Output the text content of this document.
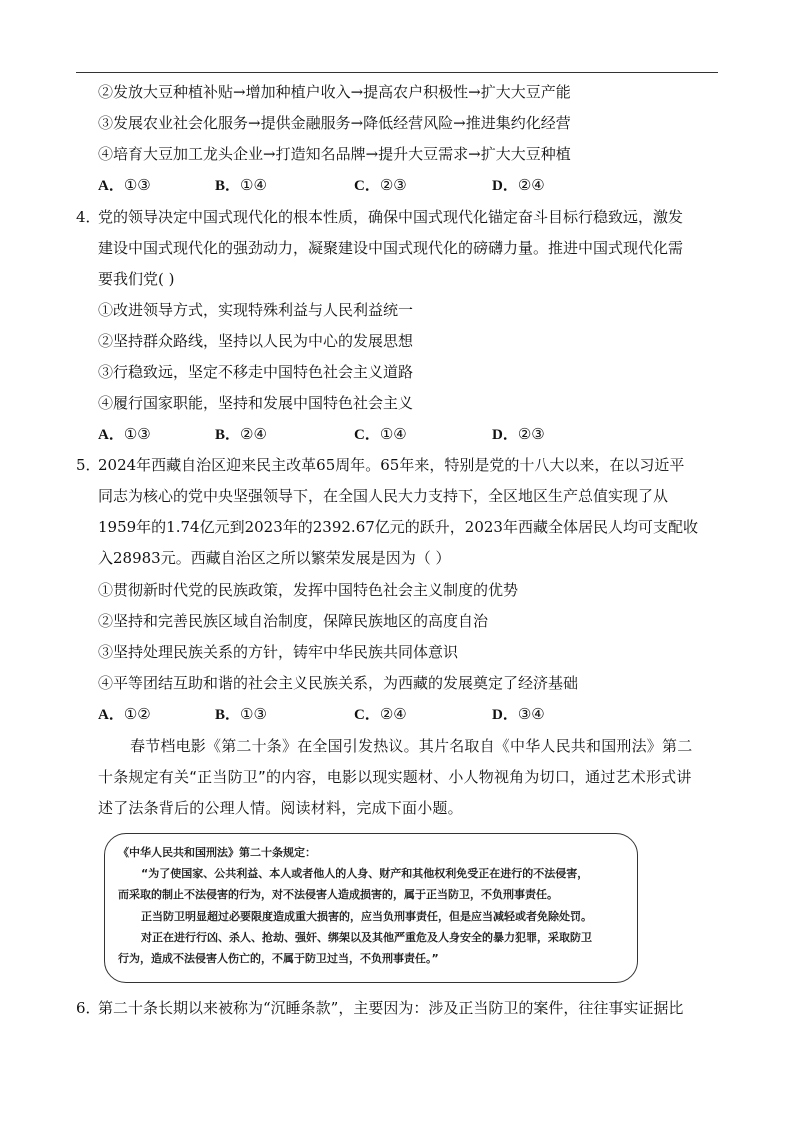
②发放大豆种植补贴→增加种植户收入→提高农户积极性→扩大大豆产能
③发展农业社会化服务→提供金融服务→降低经营风险→推进集约化经营
④培育大豆加工龙头企业→打造知名品牌→提升大豆需求→扩大大豆种植
A．①③	B．①④	C．②③	D．②④
4．
党的领导决定中国式现代化的根本性质，确保中国式现代化锚定奋斗目标行稳致远，激发
建设中国式现代化的强劲动力，凝聚建设中国式现代化的磅礴力量。推进中国式现代化需
要我们党( )
①改进领导方式，实现特殊利益与人民利益统一
②坚持群众路线，坚持以人民为中心的发展思想
③行稳致远，坚定不移走中国特色社会主义道路
④履行国家职能，坚持和发展中国特色社会主义
A．①③	B．②④	C．①④	D．②③
5．
2024年西藏自治区迎来民主改革65周年。65年来，特别是党的十八大以来，在以习近平
同志为核心的党中央坚强领导下，在全国人民大力支持下，全区地区生产总值实现了从
1959年的1.74亿元到2023年的2392.67亿元的跃升，2023年西藏全体居民人均可支配收
入28983元。西藏自治区之所以繁荣发展是因为（ ）
①贯彻新时代党的民族政策，发挥中国特色社会主义制度的优势
②坚持和完善民族区域自治制度，保障民族地区的高度自治
③坚持处理民族关系的方针，铸牢中华民族共同体意识
④平等团结互助和谐的社会主义民族关系，为西藏的发展奠定了经济基础
A．①②	B．①③	C．②④	D．③④
春节档电影《第二十条》在全国引发热议。其片名取自《中华人民共和国刑法》第二
十条规定有关“正当防卫”的内容，电影以现实题材、小人物视角为切口，通过艺术形式讲
述了法条背后的公理人情。阅读材料，完成下面小题。
《中华人民共和国刑法》第二十条规定：
“为了使国家、公共利益、本人或者他人的人身、财产和其他权利免受正在进行的不法侵害，
而采取的制止不法侵害的行为，对不法侵害人造成损害的，属于正当防卫，不负刑事责任。
正当防卫明显超过必要限度造成重大损害的，应当负刑事责任，但是应当减轻或者免除处罚。
对正在进行行凶、杀人、抢劫、强奸、绑架以及其他严重危及人身安全的暴力犯罪，采取防卫
行为，造成不法侵害人伤亡的，不属于防卫过当，不负刑事责任。”
6．
第二十条长期以来被称为“沉睡条款”，主要因为：涉及正当防卫的案件，往往事实证据比
